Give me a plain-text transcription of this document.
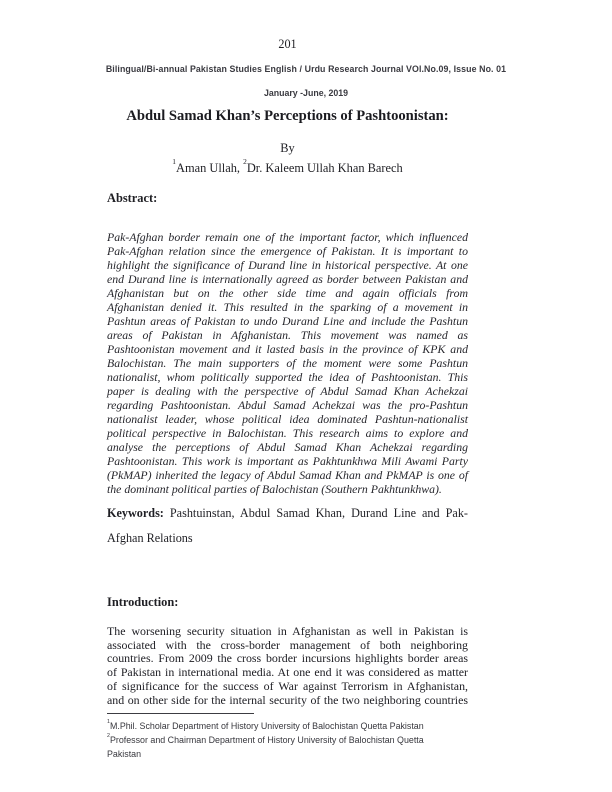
201
Bilingual/Bi-annual Pakistan Studies English / Urdu Research Journal VOl.No.09, Issue No. 01
January -June, 2019
Abdul Samad Khan’s Perceptions of Pashtoonistan:
By
$^1$Aman Ullah, $^2$Dr. Kaleem Ullah Khan Barech
Abstract:
Pak-Afghan border remain one of the important factor, which influenced
Pak-Afghan relation since the emergence of Pakistan. It is important to
highlight the significance of Durand line in historical perspective. At one
end Durand line is internationally agreed as border between Pakistan and
Afghanistan but on the other side time and again officials from
Afghanistan denied it. This resulted in the sparking of a movement in
Pashtun areas of Pakistan to undo Durand Line and include the Pashtun
areas of Pakistan in Afghanistan. This movement was named as
Pashtoonistan movement and it lasted basis in the province of KPK and
Balochistan. The main supporters of the moment were some Pashtun
nationalist, whom politically supported the idea of Pashtoonistan. This
paper is dealing with the perspective of Abdul Samad Khan Achekzai
regarding Pashtoonistan. Abdul Samad Achekzai was the pro-Pashtun
nationalist leader, whose political idea dominated Pashtun-nationalist
political perspective in Balochistan. This research aims to explore and
analyse the perceptions of Abdul Samad Khan Achekzai regarding
Pashtoonistan. This work is important as Pakhtunkhwa Mili Awami Party
(PkMAP) inherited the legacy of Abdul Samad Khan and PkMAP is one of
the dominant political parties of Balochistan (Southern Pakhtunkhwa).
Keywords: Pashtuinstan, Abdul Samad Khan, Durand Line and Pak-
Afghan Relations
Introduction:
The worsening security situation in Afghanistan as well in Pakistan is
associated with the cross-border management of both neighboring
countries. From 2009 the cross border incursions highlights border areas
of Pakistan in international media. At one end it was considered as matter
of significance for the success of War against Terrorism in Afghanistan,
and on other side for the internal security of the two neighboring countries
$^1$M.Phil. Scholar Department of History University of Balochistan Quetta Pakistan
$^2$Professor and Chairman Department of History University of Balochistan Quetta
Pakistan
